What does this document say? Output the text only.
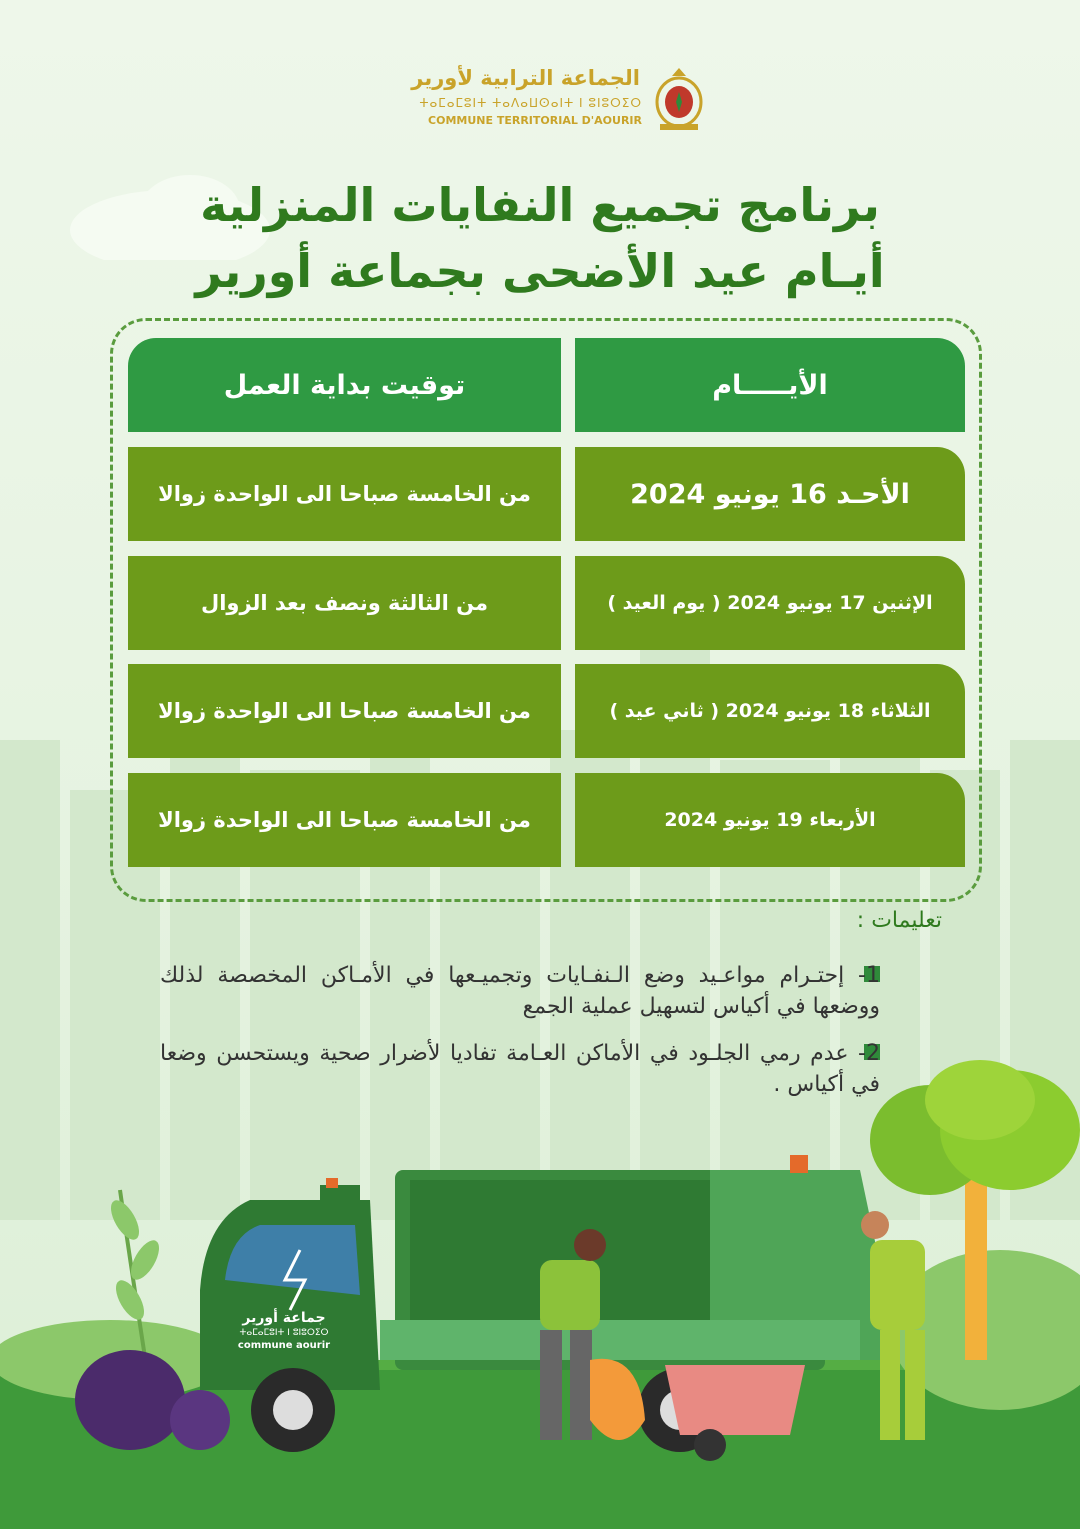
الجماعة الترابية لأورير
ⵜⴰⵎⴰⵎⵓⵏⵜ ⵜⴰⴷⴰⵡⵙⴰⵏⵜ ⵏ ⵓⵏⵓⵔⵉⵔ
COMMUNE TERRITORIAL D'AOURIR
برنامج تجميع النفايات المنزلية
أيـام عيد الأضحى بجماعة أورير
توقيت بداية العمل	الأيـــــام
من الخامسة صباحا الى الواحدة زوالا	الأحـد 16 يونيو 2024
من الثالثة ونصف بعد الزوال	الإثنين 17 يونيو 2024 ( يوم العيد )
من الخامسة صباحا الى الواحدة زوالا	الثلاثاء 18 يونيو 2024 ( ثاني عيد )
من الخامسة صباحا الى الواحدة زوالا	الأربعاء 19 يونيو 2024
تعليمات :
1- إحتـرام مواعـيد وضع الـنفـايات وتجميـعها في الأمـاكن المخصصة لذلك ووضعها في أكياس لتسهيل عملية الجمع
2- عدم رمي الجلـود في الأماكن العـامة تفاديا لأضرار صحية ويستحسن وضعا في أكياس .
جماعة أورير
ⵜⴰⵎⴰⵎⵓⵏⵜ ⵏ ⵓⵏⵓⵔⵉⵔ
commune aourir
